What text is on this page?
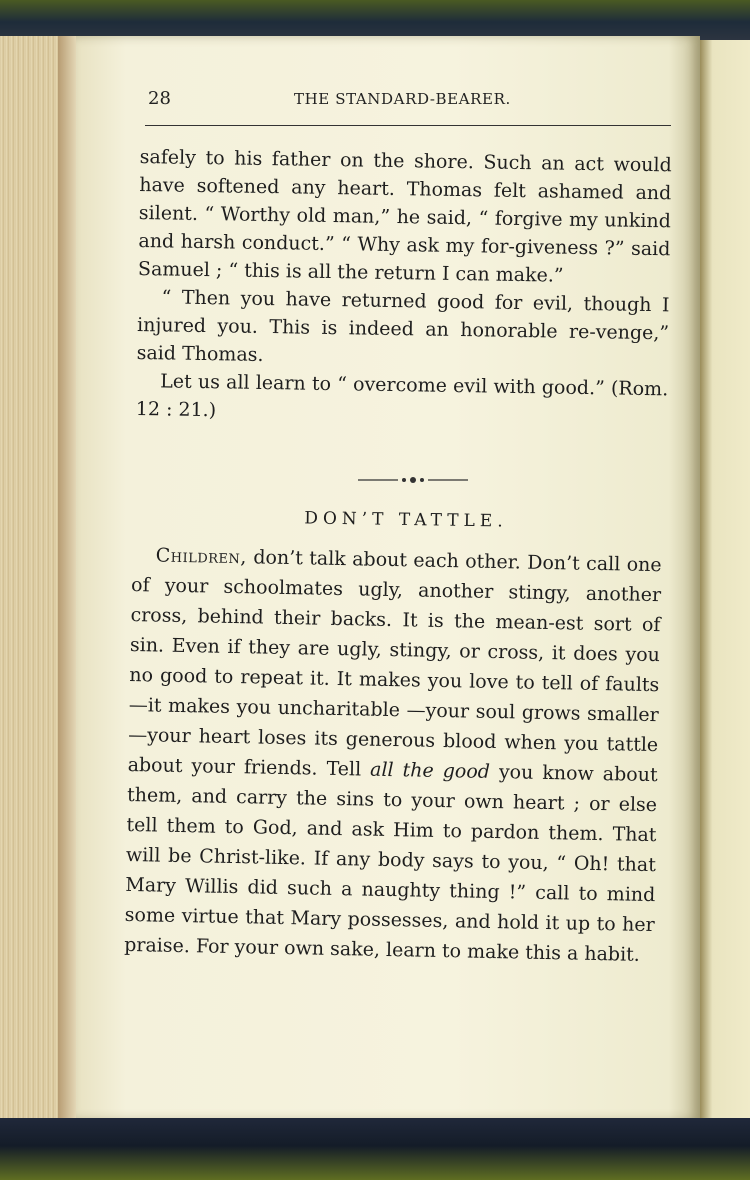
28	THE STANDARD-BEARER.

safely to his father on the shore. Such an act would have softened any heart. Thomas felt ashamed and silent. “ Worthy old man,” he said, “ forgive my unkind and harsh conduct.” “ Why ask my for-giveness ?” said Samuel ; “ this is all the return I can make.”

“ Then you have returned good for evil, though I injured you. This is indeed an honorable re-venge,” said Thomas.

Let us all learn to “ overcome evil with good.” (Rom. 12 : 21.)

DON’T TATTLE.

Children, don’t talk about each other. Don’t call one of your schoolmates ugly, another stingy, another cross, behind their backs. It is the mean-est sort of sin. Even if they are ugly, stingy, or cross, it does you no good to repeat it. It makes you love to tell of faults—it makes you uncharitable —your soul grows smaller—your heart loses its generous blood when you tattle about your friends. Tell all the good you know about them, and carry the sins to your own heart ; or else tell them to God, and ask Him to pardon them. That will be Christ-like. If any body says to you, “ Oh! that Mary Willis did such a naughty thing !” call to mind some virtue that Mary possesses, and hold it up to her praise. For your own sake, learn to make this a habit.
